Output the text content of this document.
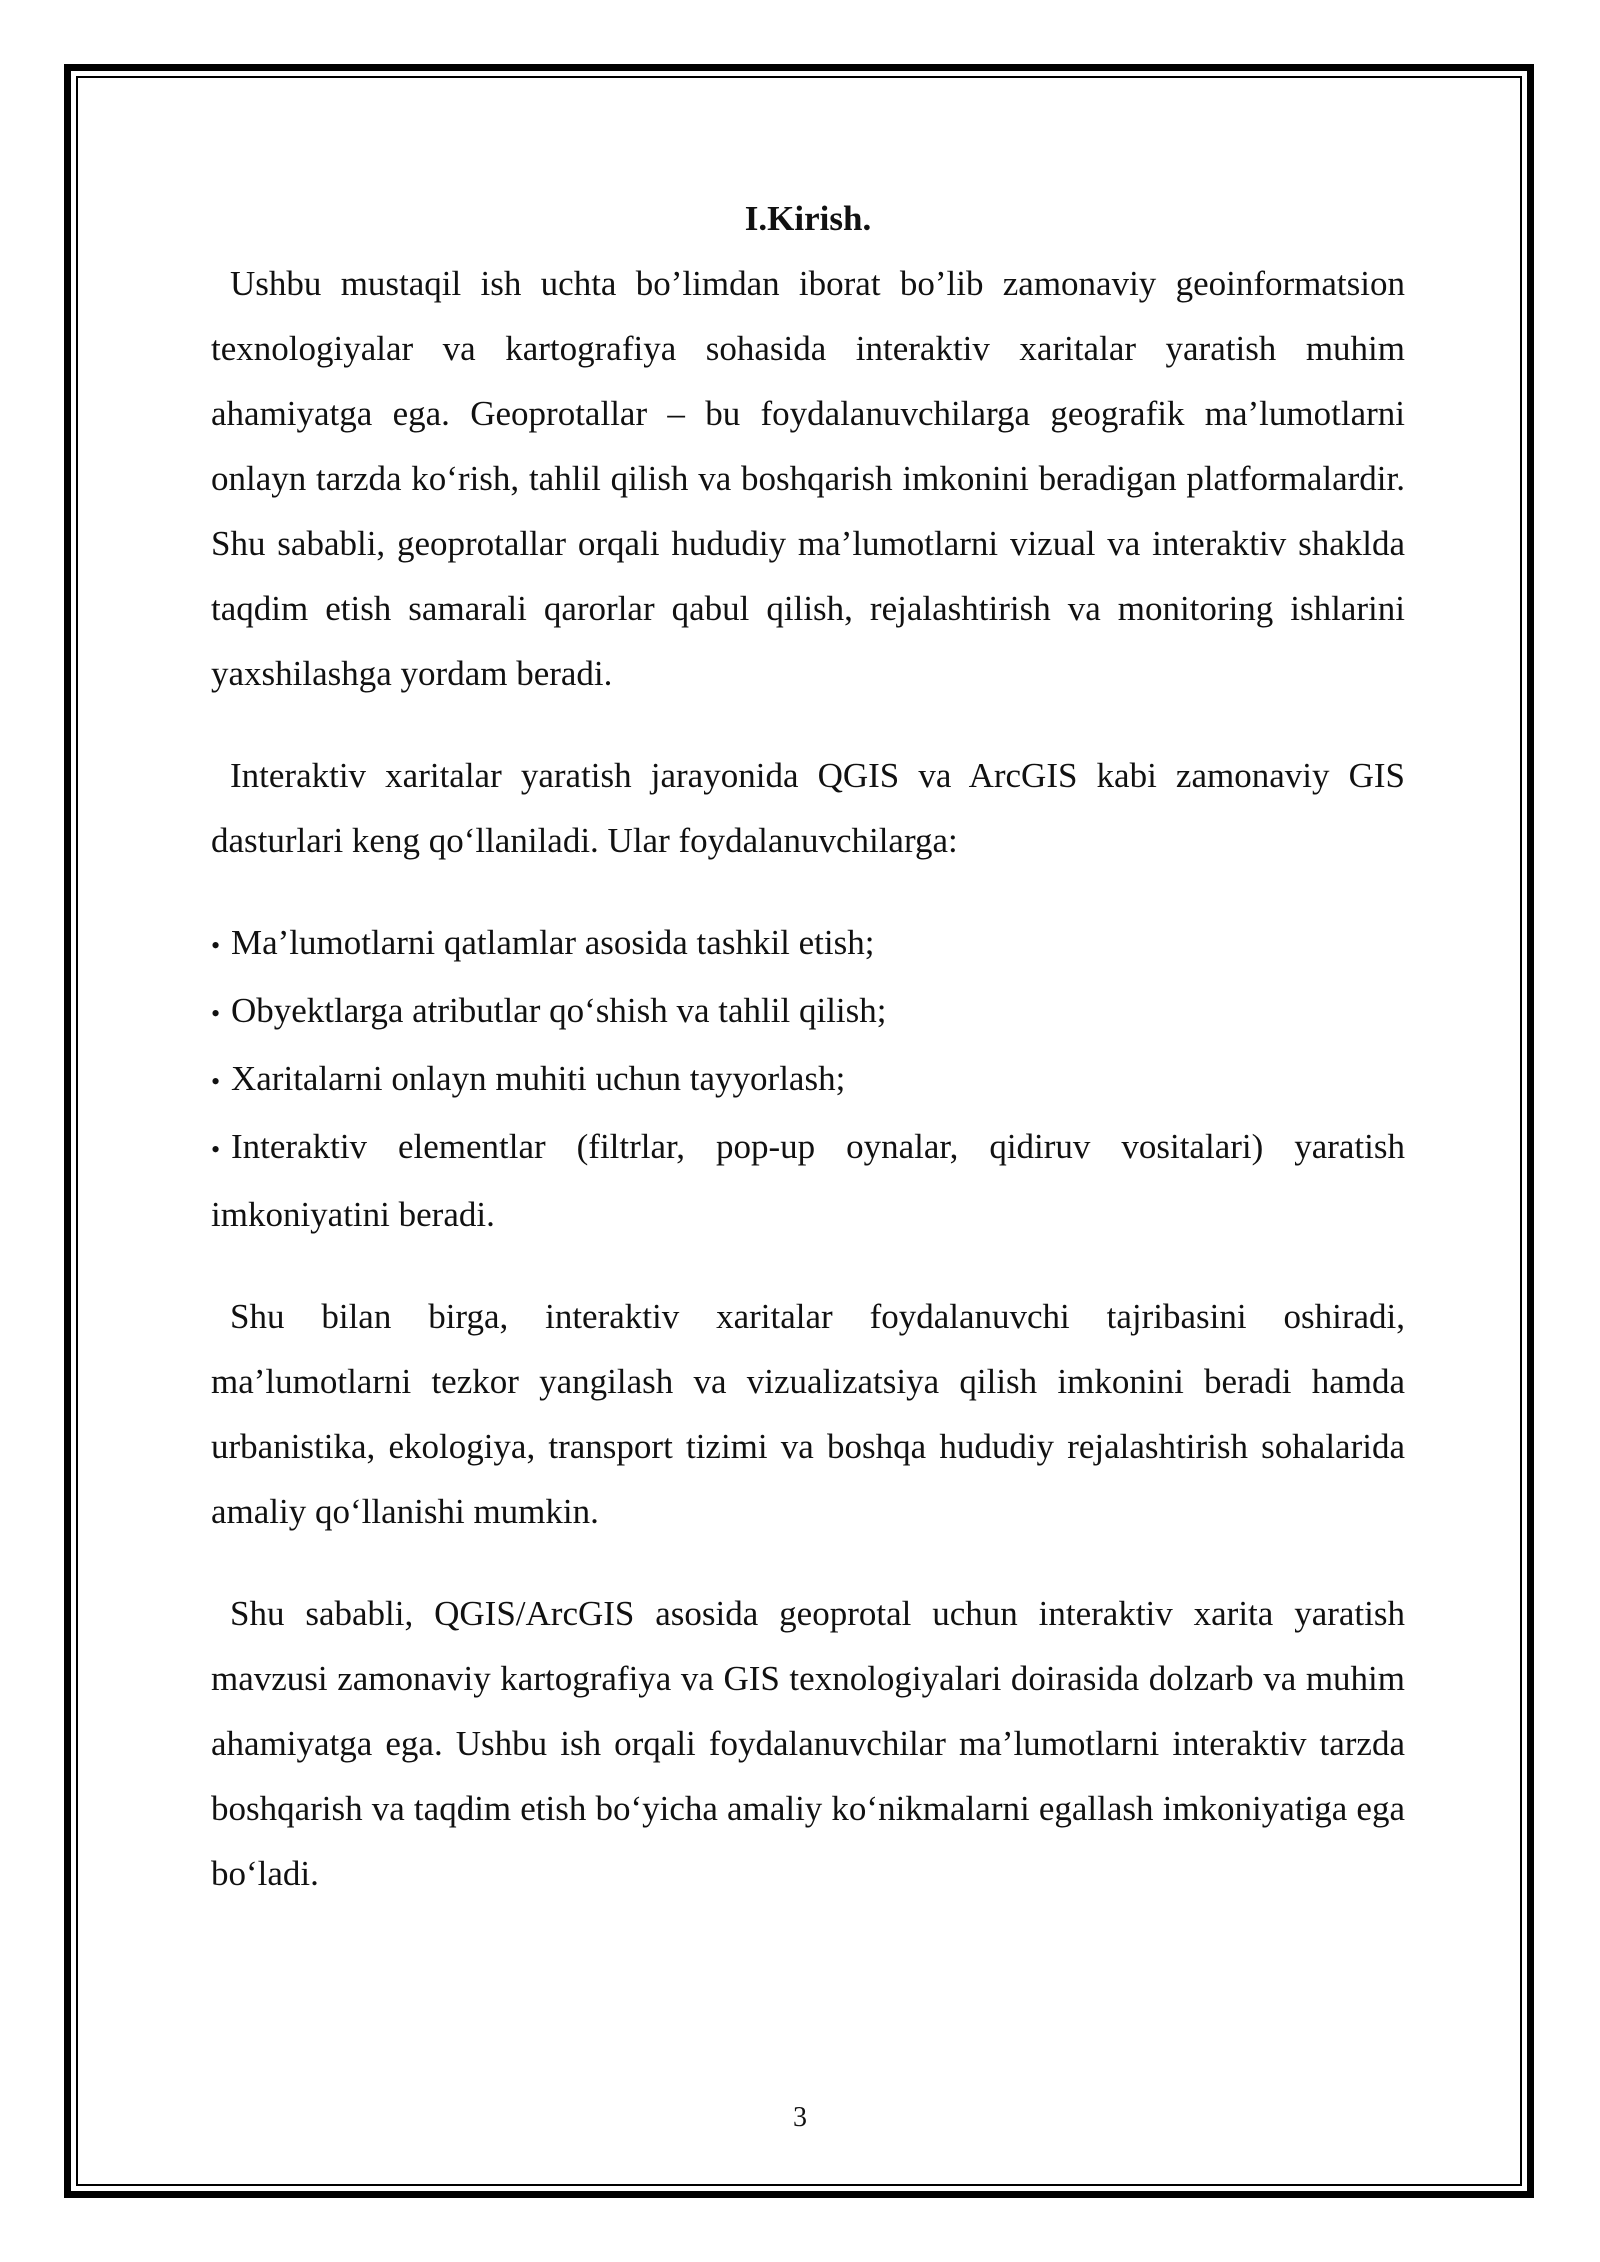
I.Kirish.

Ushbu mustaqil ish uchta bo’limdan iborat bo’lib zamonaviy geoinformatsion texnologiyalar va kartografiya sohasida interaktiv xaritalar yaratish muhim ahamiyatga ega. Geoprotallar – bu foydalanuvchilarga geografik ma’lumotlarni onlayn tarzda ko‘rish, tahlil qilish va boshqarish imkonini beradigan platformalardir. Shu sababli, geoprotallar orqali hududiy ma’lumotlarni vizual va interaktiv shaklda taqdim etish samarali qarorlar qabul qilish, rejalashtirish va monitoring ishlarini yaxshilashga yordam beradi.

Interaktiv xaritalar yaratish jarayonida QGIS va ArcGIS kabi zamonaviy GIS dasturlari keng qo‘llaniladi. Ular foydalanuvchilarga:

• Ma’lumotlarni qatlamlar asosida tashkil etish;
• Obyektlarga atributlar qo‘shish va tahlil qilish;
• Xaritalarni onlayn muhiti uchun tayyorlash;
• Interaktiv elementlar (filtrlar, pop-up oynalar, qidiruv vositalari) yaratish imkoniyatini beradi.

Shu bilan birga, interaktiv xaritalar foydalanuvchi tajribasini oshiradi, ma’lumotlarni tezkor yangilash va vizualizatsiya qilish imkonini beradi hamda urbanistika, ekologiya, transport tizimi va boshqa hududiy rejalashtirish sohalarida amaliy qo‘llanishi mumkin.

Shu sababli, QGIS/ArcGIS asosida geoprotal uchun interaktiv xarita yaratish mavzusi zamonaviy kartografiya va GIS texnologiyalari doirasida dolzarb va muhim ahamiyatga ega. Ushbu ish orqali foydalanuvchilar ma’lumotlarni interaktiv tarzda boshqarish va taqdim etish bo‘yicha amaliy ko‘nikmalarni egallash imkoniyatiga ega bo‘ladi.

3
